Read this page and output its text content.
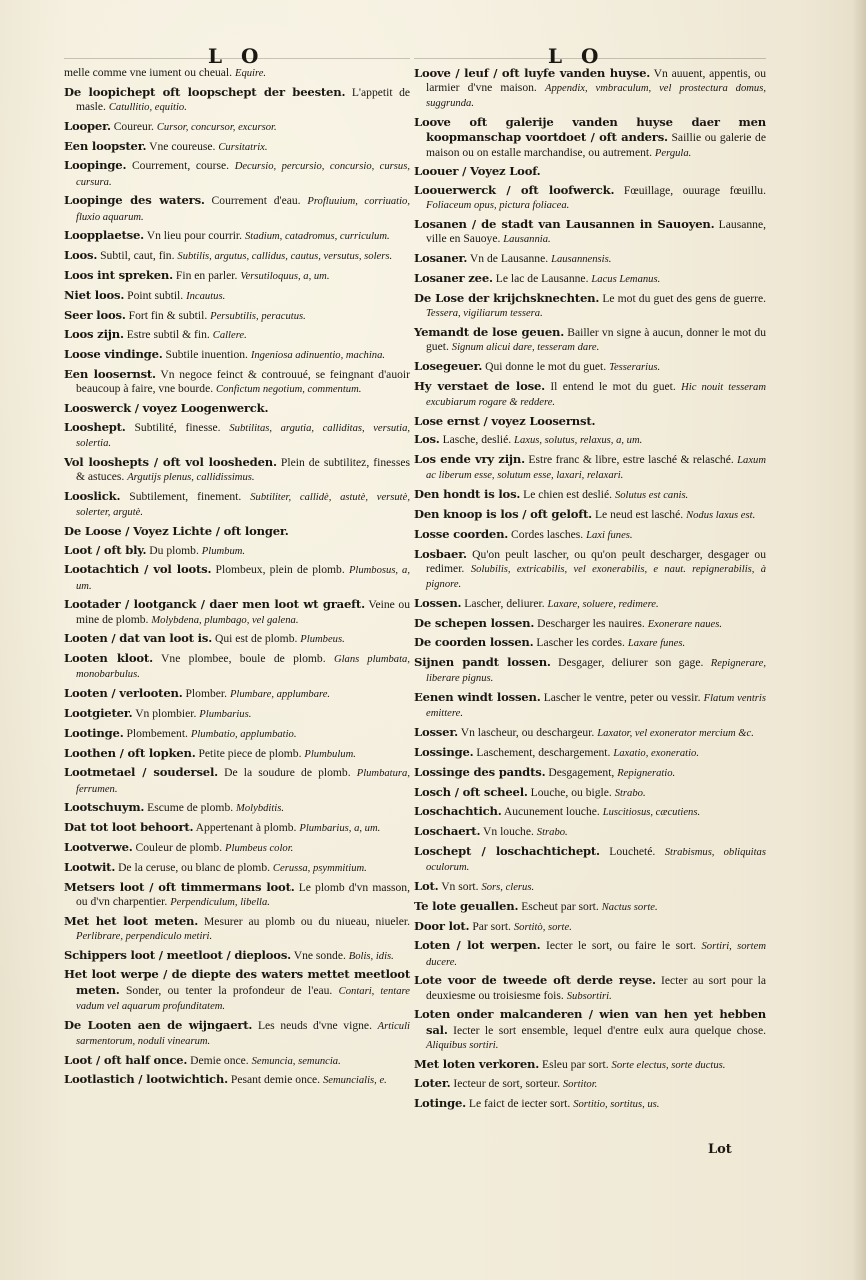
L O	L O

melle comme vne iument ou cheual. Equire.

De loopichept oft loopschept der beesten. L'appetit de masle. Catullitio, equitio.

Looper. Coureur. Cursor, concursor, excursor.

Een loopster. Vne coureuse. Cursitatrix.

Loopinge. Courrement, course. Decursio, percursio, concursio, cursus, cursura.

Loopinge des waters. Courrement d'eau. Profluuium, corriuatio, fluxio aquarum.

Loopplaetse. Vn lieu pour courrir. Stadium, catadromus, curriculum.

Loos. Subtil, caut, fin. Subtilis, argutus, callidus, cautus, versutus, solers.

Loos int spreken. Fin en parler. Versutiloquus, a, um.

Niet loos. Point subtil. Incautus.

Seer loos. Fort fin & subtil. Persubtilis, peracutus.

Loos zijn. Estre subtil & fin. Callere.

Loose vindinge. Subtile inuention. Ingeniosa adinuentio, machina.

Een loosernst. Vn negoce feinct & controuué, se feingnant d'auoir beaucoup à faire, vne bourde. Confictum negotium, commentum.

Looswerck / voyez Loogenwerck.

Looshept. Subtilité, finesse. Subtilitas, argutia, calliditas, versutia, solertia.

Vol looshepts / oft vol loosheden. Plein de subtilitez, finesses & astuces. Argutijs plenus, callidissimus.

Looslick. Subtilement, finement. Subtiliter, callidè, astutè, versutè, solerter, argutè.

De Loose / Voyez Lichte / oft longer.

Loot / oft bly. Du plomb. Plumbum.

Lootachtich / vol loots. Plombeux, plein de plomb. Plumbosus, a, um.

Lootader / lootganck / daer men loot wt graeft. Veine ou mine de plomb. Molybdena, plumbago, vel galena.

Looten / dat van loot is. Qui est de plomb. Plumbeus.

Looten kloot. Vne plombee, boule de plomb. Glans plumbata, monobarbulus.

Looten / verlooten. Plomber. Plumbare, applumbare.

Lootgieter. Vn plombier. Plumbarius.

Lootinge. Plombement. Plumbatio, applumbatio.

Loothen / oft lopken. Petite piece de plomb. Plumbulum.

Lootmetael / soudersel. De la soudure de plomb. Plumbatura, ferrumen.

Lootschuym. Escume de plomb. Molybditis.

Dat tot loot behoort. Appertenant à plomb. Plumbarius, a, um.

Lootverwe. Couleur de plomb. Plumbeus color.

Lootwit. De la ceruse, ou blanc de plomb. Cerussa, psymmitium.

Metsers loot / oft timmermans loot. Le plomb d'vn masson, ou d'vn charpentier. Perpendiculum, libella.

Met het loot meten. Mesurer au plomb ou du niueau, niueler. Perlibrare, perpendiculo metiri.

Schippers loot / meetloot / dieploos. Vne sonde. Bolis, idis.

Het loot werpe / de diepte des waters mettet meetloot meten. Sonder, ou tenter la profondeur de l'eau. Contari, tentare vadum vel aquarum profunditatem.

De Looten aen de wijngaert. Les neuds d'vne vigne. Articuli sarmentorum, noduli vinearum.

Loot / oft half once. Demie once. Semuncia, semuncia.

Lootlastich / lootwichtich. Pesant demie once. Semuncialis, e.

Loove / leuf / oft luyfe vanden huyse. Vn auuent, appentis, ou larmier d'vne maison. Appendix, vmbraculum, vel prostectura domus, suggrunda.

Loove oft galerije vanden huyse daer men koopmanschap voortdoet / oft anders. Saillie ou galerie de maison ou on estalle marchandise, ou autrement. Pergula.

Loouer / Voyez Loof.

Loouerwerck / oft loofwerck. Fœuillage, ouurage fœuillu. Foliaceum opus, pictura foliacea.

Losanen / de stadt van Lausannen in Sauoyen. Lausanne, ville en Sauoye. Lausannia.

Losaner. Vn de Lausanne. Lausannensis.

Losaner zee. Le lac de Lausanne. Lacus Lemanus.

De Lose der krijchsknechten. Le mot du guet des gens de guerre. Tessera, vigiliarum tessera.

Yemandt de lose geuen. Bailler vn signe à aucun, donner le mot du guet. Signum alicui dare, tesseram dare.

Losegeuer. Qui donne le mot du guet. Tesserarius.

Hy verstaet de lose. Il entend le mot du guet. Hic nouit tesseram excubiarum rogare & reddere.

Lose ernst / voyez Loosernst.

Los. Lasche, deslié. Laxus, solutus, relaxus, a, um.

Los ende vry zijn. Estre franc & libre, estre lasché & relasché. Laxum ac liberum esse, solutum esse, laxari, relaxari.

Den hondt is los. Le chien est deslié. Solutus est canis.

Den knoop is los / oft geloft. Le neud est lasché. Nodus laxus est.

Losse coorden. Cordes lasches. Laxi funes.

Losbaer. Qu'on peult lascher, ou qu'on peult descharger, desgager ou redimer. Solubilis, extricabilis, vel exonerabilis, e naut. repignerabilis, à pignore.

Lossen. Lascher, deliurer. Laxare, soluere, redimere.

De schepen lossen. Descharger les nauires. Exonerare naues.

De coorden lossen. Lascher les cordes. Laxare funes.

Sijnen pandt lossen. Desgager, deliurer son gage. Repignerare, liberare pignus.

Eenen windt lossen. Lascher le ventre, peter ou vessir. Flatum ventris emittere.

Losser. Vn lascheur, ou deschargeur. Laxator, vel exonerator mercium &c.

Lossinge. Laschement, deschargement. Laxatio, exoneratio.

Lossinge des pandts. Desgagement, Repigneratio.

Losch / oft scheel. Louche, ou bigle. Strabo.

Loschachtich. Aucunement louche. Luscitiosus, cæcutiens.

Loschaert. Vn louche. Strabo.

Loschept / loschachtichept. Loucheté. Strabismus, obliquitas oculorum.

Lot. Vn sort. Sors, clerus.

Te lote geuallen. Escheut par sort. Nactus sorte.

Door lot. Par sort. Sortitò, sorte.

Loten / lot werpen. Iecter le sort, ou faire le sort. Sortiri, sortem ducere.

Lote voor de tweede oft derde reyse. Iecter au sort pour la deuxiesme ou troisiesme fois. Subsortiri.

Loten onder malcanderen / wien van hen yet hebben sal. Iecter le sort ensemble, lequel d'entre eulx aura quelque chose. Aliquibus sortiri.

Met loten verkoren. Esleu par sort. Sorte electus, sorte ductus.

Loter. Iecteur de sort, sorteur. Sortitor.

Lotinge. Le faict de iecter sort. Sortitio, sortitus, us.

Lot
